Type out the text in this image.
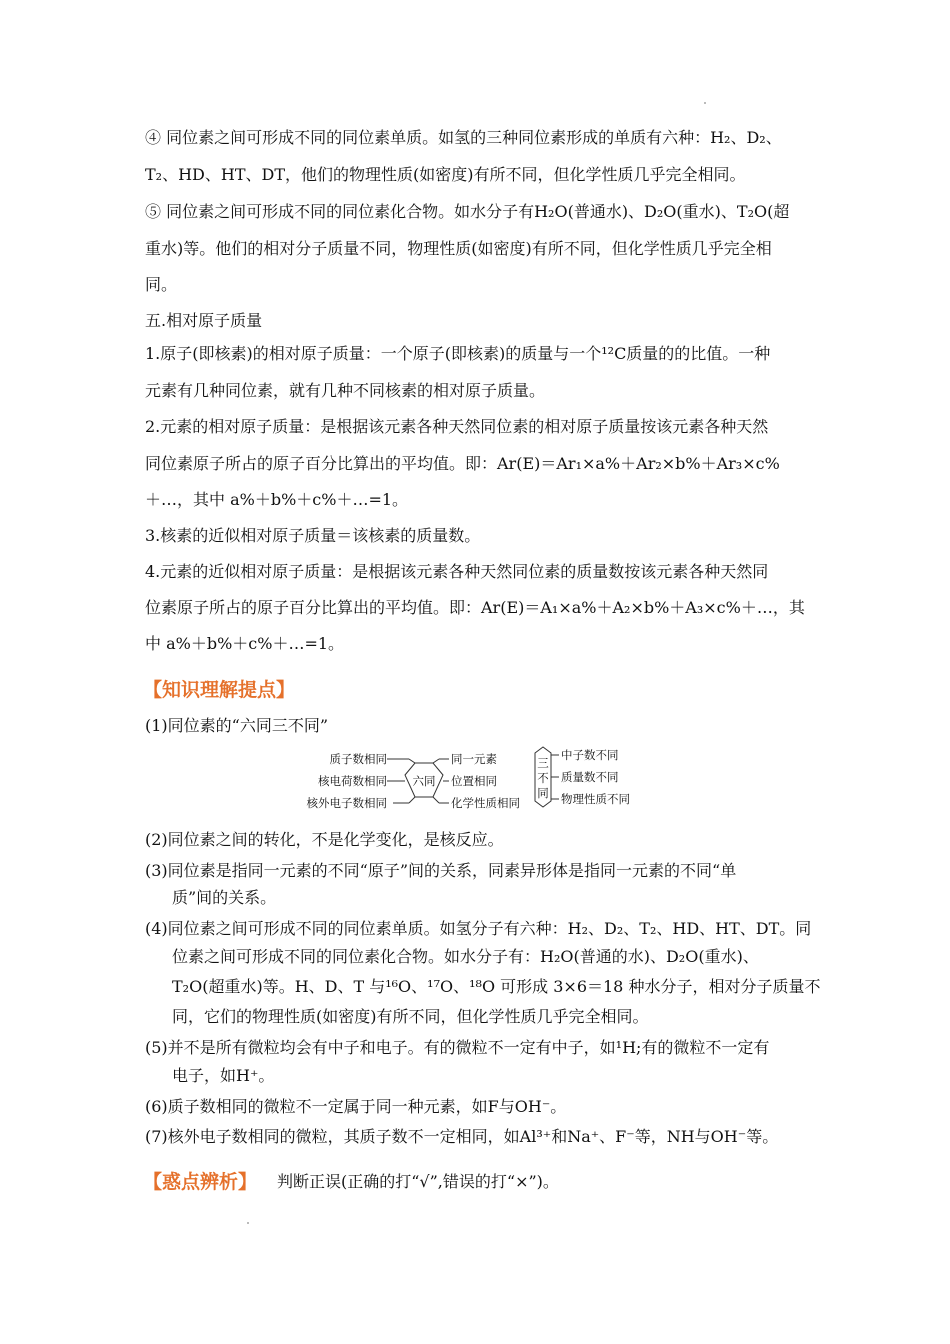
④ 同位素之间可形成不同的同位素单质。如氢的三种同位素形成的单质有六种：H₂、D₂、
T₂、HD、HT、DT，他们的物理性质(如密度)有所不同，但化学性质几乎完全相同。
⑤ 同位素之间可形成不同的同位素化合物。如水分子有H₂O(普通水)、D₂O(重水)、T₂O(超
重水)等。他们的相对分子质量不同，物理性质(如密度)有所不同，但化学性质几乎完全相
同。
五.相对原子质量
1.原子(即核素)的相对原子质量：一个原子(即核素)的质量与一个¹²C质量的的比值。一种
元素有几种同位素，就有几种不同核素的相对原子质量。
2.元素的相对原子质量：是根据该元素各种天然同位素的相对原子质量按该元素各种天然
同位素原子所占的原子百分比算出的平均值。即：Ar(E)＝Ar₁×a%＋Ar₂×b%＋Ar₃×c%
＋…，其中 a%＋b%＋c%＋…=1。
3.核素的近似相对原子质量＝该核素的质量数。
4.元素的近似相对原子质量：是根据该元素各种天然同位素的质量数按该元素各种天然同
位素原子所占的原子百分比算出的平均值。即：Ar(E)＝A₁×a%＋A₂×b%＋A₃×c%＋…，其
中 a%＋b%＋c%＋…=1。
【知识理解提点】
(1)同位素的“六同三不同”
质子数相同
核电荷数相同
核外电子数相同
六同
同一元素
位置相同
化学性质相同
三
不
同
中子数不同
质量数不同
物理性质不同
(2)同位素之间的转化，不是化学变化，是核反应。
(3)同位素是指同一元素的不同“原子”间的关系，同素异形体是指同一元素的不同“单
质”间的关系。
(4)同位素之间可形成不同的同位素单质。如氢分子有六种：H₂、D₂、T₂、HD、HT、DT。同
位素之间可形成不同的同位素化合物。如水分子有：H₂O(普通的水)、D₂O(重水)、
T₂O(超重水)等。H、D、T 与¹⁶O、¹⁷O、¹⁸O 可形成 3×6＝18 种水分子，相对分子质量不
同，它们的物理性质(如密度)有所不同，但化学性质几乎完全相同。
(5)并不是所有微粒均会有中子和电子。有的微粒不一定有中子，如¹H;有的微粒不一定有
电子，如H⁺。
(6)质子数相同的微粒不一定属于同一种元素，如F与OH⁻。
(7)核外电子数相同的微粒，其质子数不一定相同，如Al³⁺和Na⁺、F⁻等，NH与OH⁻等。
【惑点辨析】 判断正误(正确的打“√”,错误的打“×”)。
